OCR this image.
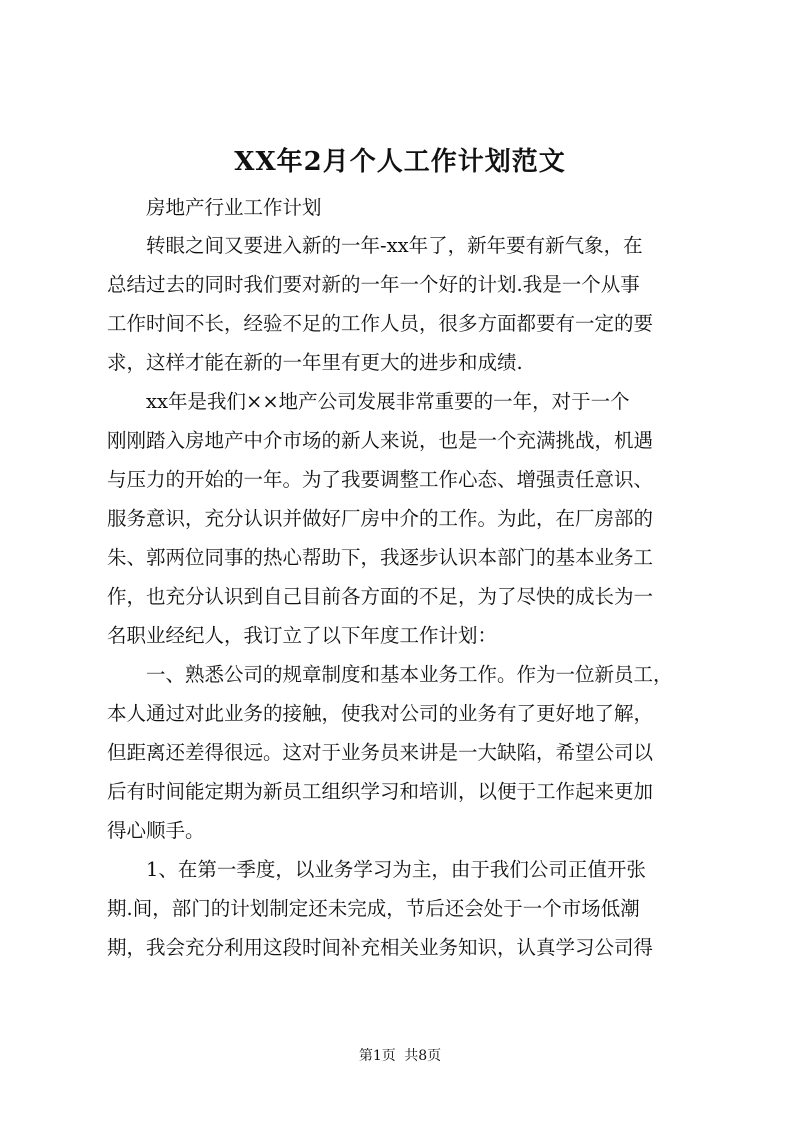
XX年2月个人工作计划范文

房地产行业工作计划

转眼之间又要进入新的一年-xx年了，新年要有新气象，在

总结过去的同时我们要对新的一年一个好的计划.我是一个从事

工作时间不长，经验不足的工作人员，很多方面都要有一定的要

求，这样才能在新的一年里有更大的进步和成绩.

xx年是我们××地产公司发展非常重要的一年，对于一个

刚刚踏入房地产中介市场的新人来说，也是一个充满挑战，机遇

与压力的开始的一年。为了我要调整工作心态、增强责任意识、

服务意识，充分认识并做好厂房中介的工作。为此，在厂房部的

朱、郭两位同事的热心帮助下，我逐步认识本部门的基本业务工

作，也充分认识到自己目前各方面的不足，为了尽快的成长为一

名职业经纪人，我订立了以下年度工作计划：

一、熟悉公司的规章制度和基本业务工作。作为一位新员工，

本人通过对此业务的接触，使我对公司的业务有了更好地了解，

但距离还差得很远。这对于业务员来讲是一大缺陷，希望公司以

后有时间能定期为新员工组织学习和培训，以便于工作起来更加

得心顺手。

1、在第一季度，以业务学习为主，由于我们公司正值开张

期.间，部门的计划制定还未完成，节后还会处于一个市场低潮

期，我会充分利用这段时间补充相关业务知识，认真学习公司得

第1页 共8页
